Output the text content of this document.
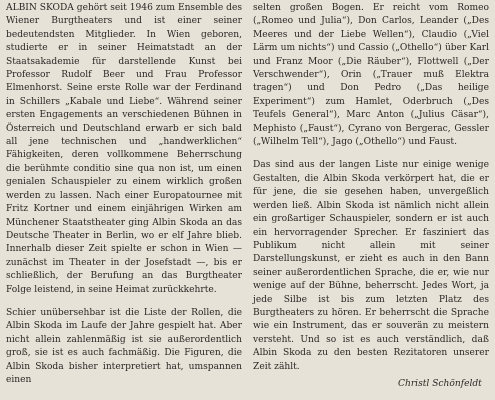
ALBIN SKODA gehört seit 1946 zum Ensemble des Wiener Burgtheaters und ist einer seiner bedeutendsten Mitglieder. In Wien geboren, studierte er in seiner Heimatstadt an der Staatsakademie für darstellende Kunst bei Professor Rudolf Beer und Frau Professor Elmenhorst. Seine erste Rolle war der Ferdinand in Schillers „Kabale und Liebe“. Während seiner ersten Engagements an verschiedenen Bühnen in Österreich und Deutschland erwarb er sich bald all jene technischen und „handwerklichen“ Fähigkeiten, deren vollkommene Beherrschung die berühmte conditio sine qua non ist, um einen genialen Schauspieler zu einem wirklich großen werden zu lassen. Nach einer Europatournee mit Fritz Kortner und einem einjährigen Wirken am Münchener Staatstheater ging Albin Skoda an das Deutsche Theater in Berlin, wo er elf Jahre blieb. Innerhalb dieser Zeit spielte er schon in Wien — zunächst im Theater in der Josefstadt —, bis er schließlich, der Berufung an das Burgtheater Folge leistend, in seine Heimat zurückkehrte.

Schier unübersehbar ist die Liste der Rollen, die Albin Skoda im Laufe der Jahre gespielt hat. Aber nicht allein zahlenmäßig ist sie außerordentlich groß, sie ist es auch fachmäßig. Die Figuren, die Albin Skoda bisher interpretiert hat, umspannen einen

selten großen Bogen. Er reicht vom Romeo („Romeo und Julia“), Don Carlos, Leander („Des Meeres und der Liebe Wellen“), Claudio („Viel Lärm um nichts“) und Cassio („Othello“) über Karl und Franz Moor („Die Räuber“), Flottwell („Der Verschwender“), Orin („Trauer muß Elektra tragen“) und Don Pedro („Das heilige Experiment“) zum Hamlet, Oderbruch („Des Teufels General“), Marc Anton („Julius Cäsar“), Mephisto („Faust“), Cyrano von Bergerac, Gessler („Wilhelm Tell“), Jago („Othello“) und Faust.

Das sind aus der langen Liste nur einige wenige Gestalten, die Albin Skoda verkörpert hat, die er für jene, die sie gesehen haben, unvergeßlich werden ließ. Albin Skoda ist nämlich nicht allein ein großartiger Schauspieler, sondern er ist auch ein hervorragender Sprecher. Er fasziniert das Publikum nicht allein mit seiner Darstellungskunst, er zieht es auch in den Bann seiner außerordentlichen Sprache, die er, wie nur wenige auf der Bühne, beherrscht. Jedes Wort, ja jede Silbe ist bis zum letzten Platz des Burgtheaters zu hören. Er beherrscht die Sprache wie ein Instrument, das er souverän zu meistern versteht. Und so ist es auch verständlich, daß Albin Skoda zu den besten Rezitatoren unserer Zeit zählt.

Christl Schönfeldt
